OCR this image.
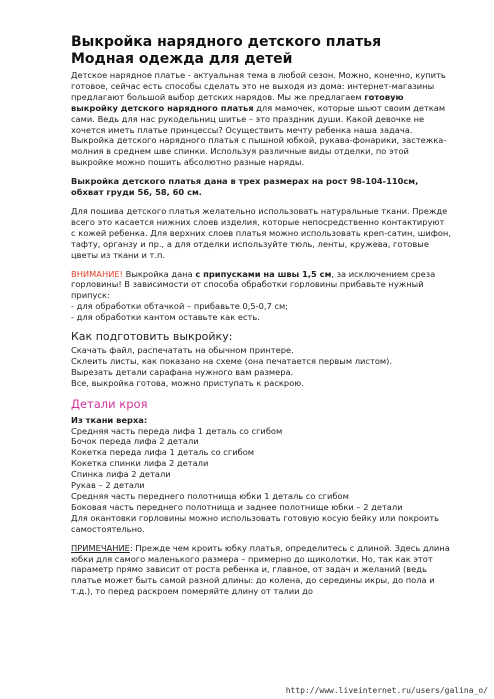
Выкройка нарядного детского платья
Модная одежда для детей

Детское нарядное платье - актуальная тема в любой сезон. Можно, конечно, купить готовое, сейчас есть способы сделать это не выходя из дома: интернет-магазины предлагают большой выбор детских нарядов. Мы же предлагаем готовую выкройку детского нарядного платья для мамочек, которые шьют своим деткам сами. Ведь для нас рукодельниц шитье – это праздник души. Какой девочке не хочется иметь платье принцессы? Осуществить мечту ребенка наша задача.

Выкройка детского нарядного платья с пышной юбкой, рукава-фонарики, застежка-молния в среднем шве спинки. Используя различные виды отделки, по этой выкройке можно пошить абсолютно разные наряды.

Выкройка детского платья дана в трех размерах на рост 98-104-110см, обхват груди 56, 58, 60 см.

Для пошива детского платья желательно использовать натуральные ткани. Прежде всего это касается нижних слоев изделия, которые непосредственно контактируют с кожей ребенка. Для верхних слоев платья можно использовать креп-сатин, шифон, тафту, органзу и пр., а для отделки используйте тюль, ленты, кружева, готовые цветы из ткани и т.п.

ВНИМАНИЕ! Выкройка дана с припусками на швы 1,5 см, за исключением среза горловины! В зависимости от способа обработки горловины прибавьте нужный припуск:

- для обработки обтачкой – прибавьте 0,5-0,7 см;

- для обработки кантом оставьте как есть.

Как подготовить выкройку:

Скачать файл, распечатать на обычном принтере.

Склеить листы, как показано на схеме (она печатается первым листом).

Вырезать детали сарафана нужного вам размера.

Все, выкройка готова, можно приступать к раскрою.

Детали кроя

Из ткани верха:

Средняя часть переда лифа 1 деталь со сгибом

Бочок переда лифа 2 детали

Кокетка переда лифа 1 деталь со сгибом

Кокетка спинки лифа 2 детали

Спинка лифа 2 детали

Рукав – 2 детали

Средняя часть переднего полотнища юбки 1 деталь со сгибом

Боковая часть переднего полотнища и заднее полотнище юбки – 2 детали

Для окантовки горловины можно использовать готовую косую бейку или покроить самостоятельно.

ПРИМЕЧАНИЕ: Прежде чем кроить юбку платья, определитесь с длиной. Здесь длина юбки для самого маленького размера – примерно до щиколотки. Но, так как этот параметр прямо зависит от роста ребенка и, главное, от задач и желаний (ведь платье может быть самой разной длины: до колена, до середины икры, до пола и т.д.), то перед раскроем померяйте длину от талии до

http://www.liveinternet.ru/users/galina_o/
